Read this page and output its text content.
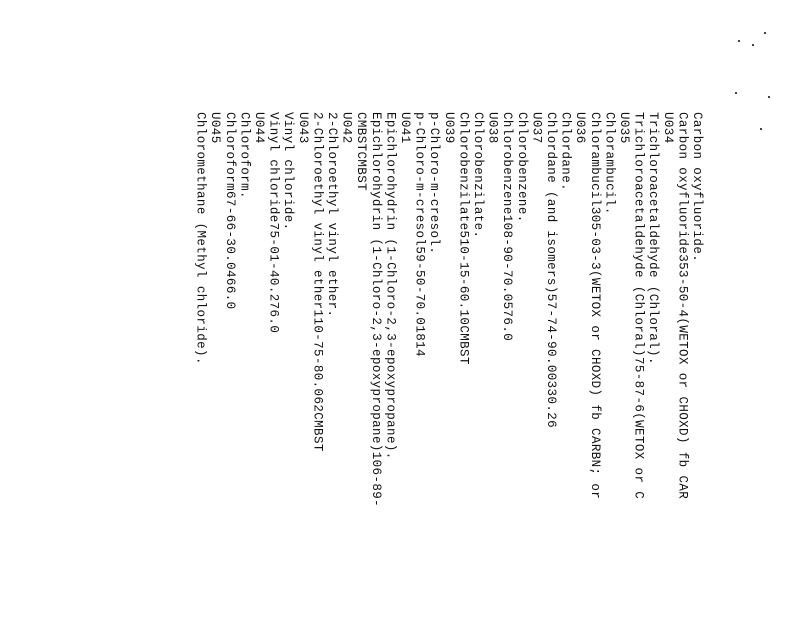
Carbon oxyfluoride.

Carbon oxyfluoride353-50-4(WETOX or CHOXD) fb CAR

U034

Trichloroacetaldehyde (Chloral).

Trichloroacetaldehyde (Chloral)75-87-6(WETOX or C

U035

Chlorambucil.

Chlorambucil305-03-3(WETOX or CHOXD) fb CARBN; or

U036

Chlordane.

Chlordane (and isomers)57-74-90.00330.26

U037

Chlorobenzene.

Chlorobenzene108-90-70.0576.0

U038

Chlorobenzilate.

Chlorobenzilate510-15-60.10CMBST

U039

p-Chloro-m-cresol.

p-Chloro-m-cresol59-50-70.01814

U041

Epichlorohydrin (1-Chloro-2,3-epoxypropane).

Epichlorohydrin (1-Chloro-2,3-epoxypropane)106-89-

CMBSTCMBST

U042

2-Chloroethyl vinyl ether.

2-Chloroethyl vinyl ether110-75-80.062CMBST

U043

Vinyl chloride.

Vinyl chloride75-01-40.276.0

U044

Chloroform.

Chloroform67-66-30.0466.0

U045

Chloromethane (Methyl chloride).
